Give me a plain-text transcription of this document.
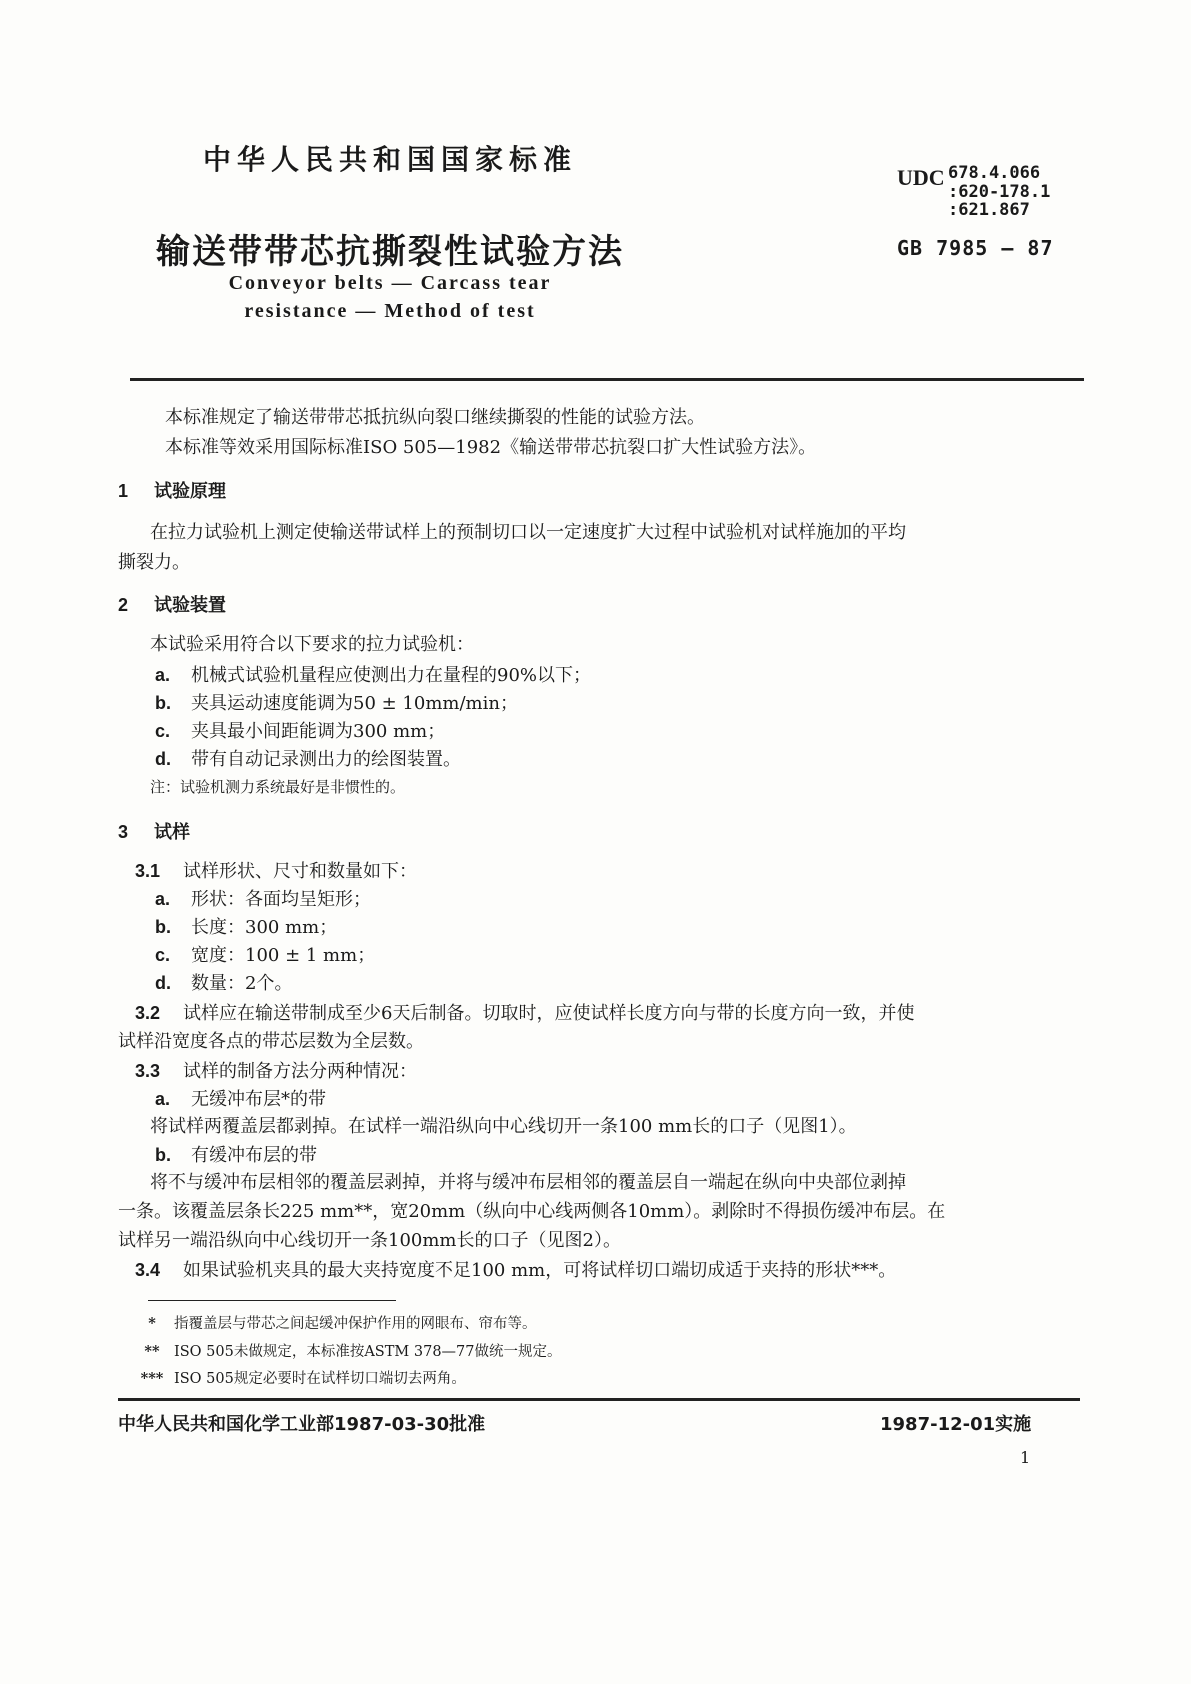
中华人民共和国国家标准
UDC 678.4.066
:620-178.1
:621.867
输送带带芯抗撕裂性试验方法	GB 7985 — 87
Conveyor belts — Carcass tear
resistance — Method of test
本标准规定了输送带带芯抵抗纵向裂口继续撕裂的性能的试验方法。
本标准等效采用国际标准ISO 505—1982《输送带带芯抗裂口扩大性试验方法》。
1 试验原理
在拉力试验机上测定使输送带试样上的预制切口以一定速度扩大过程中试验机对试样施加的平均
撕裂力。
2 试验装置
本试验采用符合以下要求的拉力试验机：
a. 机械式试验机量程应使测出力在量程的90%以下；
b. 夹具运动速度能调为50 ± 10mm/min；
c. 夹具最小间距能调为300 mm；
d. 带有自动记录测出力的绘图装置。
注：试验机测力系统最好是非惯性的。
3 试样
3.1 试样形状、尺寸和数量如下：
a. 形状：各面均呈矩形；
b. 长度：300 mm；
c. 宽度：100 ± 1 mm；
d. 数量：2个。
3.2 试样应在输送带制成至少6天后制备。切取时，应使试样长度方向与带的长度方向一致，并使
试样沿宽度各点的带芯层数为全层数。
3.3 试样的制备方法分两种情况：
a. 无缓冲布层*的带
将试样两覆盖层都剥掉。在试样一端沿纵向中心线切开一条100 mm长的口子（见图1）。
b. 有缓冲布层的带
将不与缓冲布层相邻的覆盖层剥掉，并将与缓冲布层相邻的覆盖层自一端起在纵向中央部位剥掉
一条。该覆盖层条长225 mm**，宽20mm（纵向中心线两侧各10mm）。剥除时不得损伤缓冲布层。在
试样另一端沿纵向中心线切开一条100mm长的口子（见图2）。
3.4 如果试验机夹具的最大夹持宽度不足100 mm，可将试样切口端切成适于夹持的形状***。
* 指覆盖层与带芯之间起缓冲保护作用的网眼布、帘布等。
** ISO 505未做规定，本标准按ASTM 378—77做统一规定。
*** ISO 505规定必要时在试样切口端切去两角。
中华人民共和国化学工业部1987-03-30批准	1987-12-01实施
1
